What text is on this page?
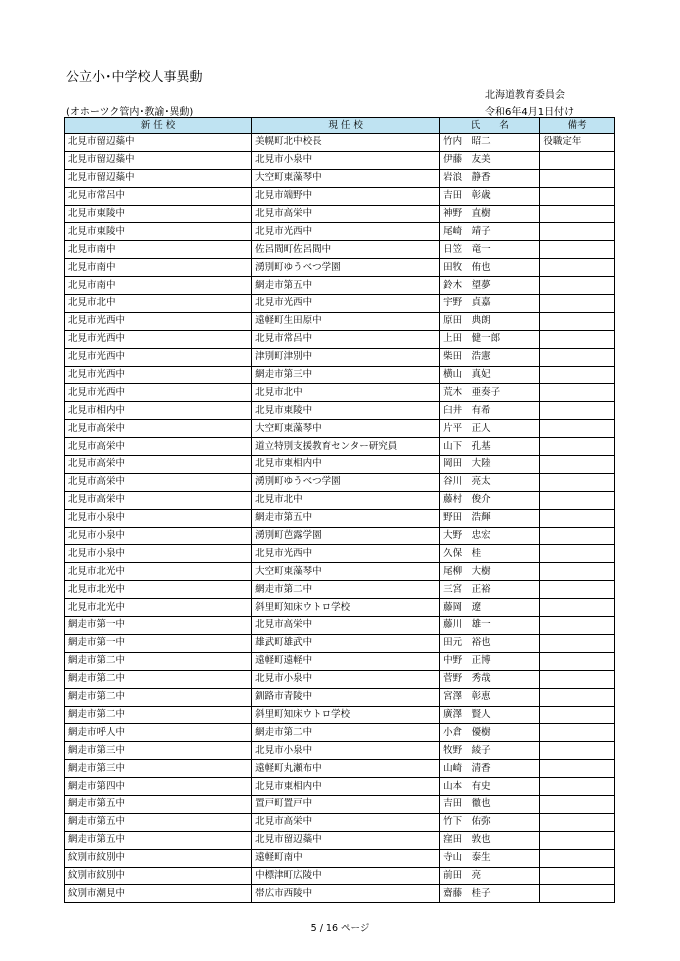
公立小･中学校人事異動
北海道教育委員会
(オホーツク管内･教諭･異動)	令和6年4月1日付け
新 任 校	現 任 校	氏　　名	備考
北見市留辺蘂中	美幌町北中校長	竹内　昭二	役職定年
北見市留辺蘂中	北見市小泉中	伊藤　友美	
北見市留辺蘂中	大空町東藻琴中	岩浪　静香	
北見市常呂中	北見市端野中	吉田　彰歳	
北見市東陵中	北見市高栄中	神野　直樹	
北見市東陵中	北見市光西中	尾崎　靖子	
北見市南中	佐呂間町佐呂間中	日笠　竜一	
北見市南中	湧別町ゆうべつ学園	田牧　侑也	
北見市南中	網走市第五中	鈴木　望夢	
北見市北中	北見市光西中	宇野　貞嘉	
北見市光西中	遠軽町生田原中	原田　典朗	
北見市光西中	北見市常呂中	上田　健一郎	
北見市光西中	津別町津別中	柴田　浩憲	
北見市光西中	網走市第三中	横山　真妃	
北見市光西中	北見市北中	荒木　亜奏子	
北見市相内中	北見市東陵中	臼井　有希	
北見市高栄中	大空町東藻琴中	片平　正人	
北見市高栄中	道立特別支援教育センター研究員	山下　孔基	
北見市高栄中	北見市東相内中	岡田　大陸	
北見市高栄中	湧別町ゆうべつ学園	谷川　亮太	
北見市高栄中	北見市北中	藤村　俊介	
北見市小泉中	網走市第五中	野田　浩輝	
北見市小泉中	湧別町芭露学園	大野　忠宏	
北見市小泉中	北見市光西中	久保　桂	
北見市北光中	大空町東藻琴中	尾柳　大樹	
北見市北光中	網走市第二中	三宮　正裕	
北見市北光中	斜里町知床ウトロ学校	藤岡　遼	
網走市第一中	北見市高栄中	藤川　雄一	
網走市第一中	雄武町雄武中	田元　裕也	
網走市第二中	遠軽町遠軽中	中野　正博	
網走市第二中	北見市小泉中	菅野　秀哉	
網走市第二中	釧路市青陵中	宮澤　彰恵	
網走市第二中	斜里町知床ウトロ学校	廣澤　賢人	
網走市呼人中	網走市第二中	小倉　優樹	
網走市第三中	北見市小泉中	牧野　綾子	
網走市第三中	遠軽町丸瀬布中	山崎　清香	
網走市第四中	北見市東相内中	山本　有史	
網走市第五中	置戸町置戸中	吉田　徹也	
網走市第五中	北見市高栄中	竹下　佑弥	
網走市第五中	北見市留辺蘂中	窪田　敦也	
紋別市紋別中	遠軽町南中	寺山　泰生	
紋別市紋別中	中標津町広陵中	前田　亮	
紋別市潮見中	帯広市西陵中	齋藤　桂子	
5 / 16 ページ
